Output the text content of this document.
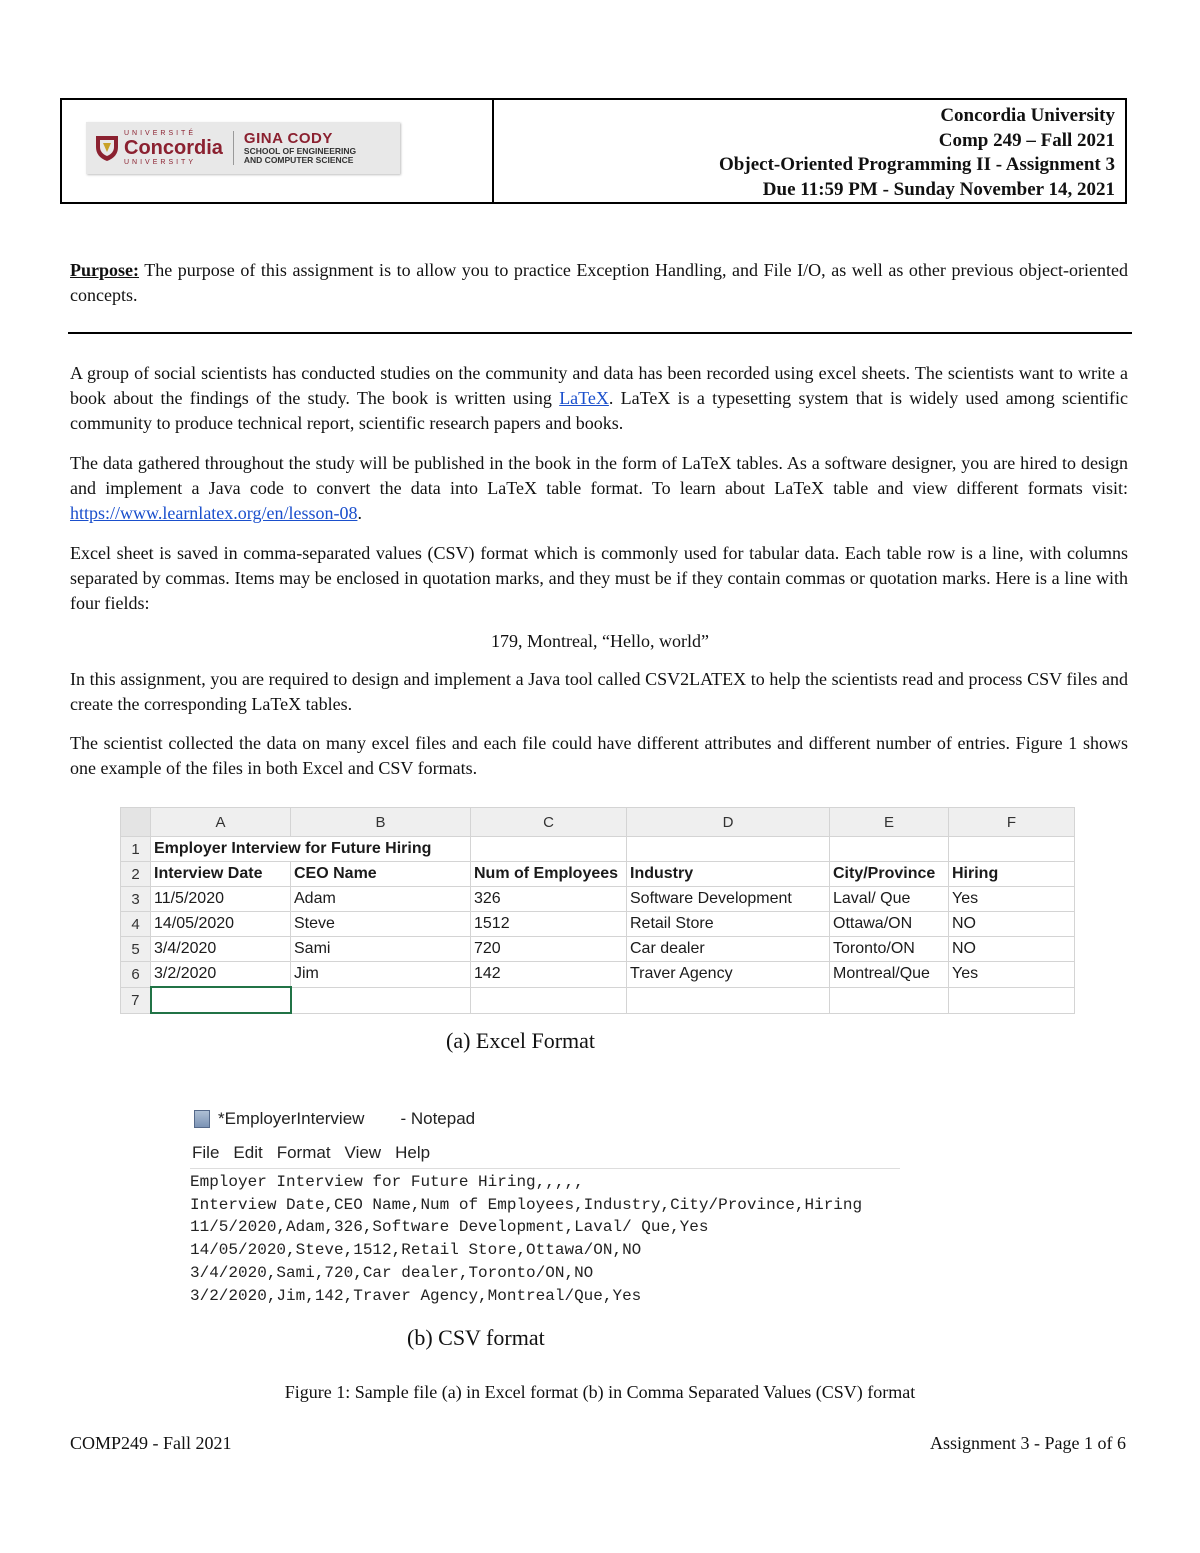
UNIVERSITÉ
Concordia
UNIVERSITY
GINA CODY
SCHOOL OF ENGINEERING
AND COMPUTER SCIENCE
Concordia University
Comp 249 – Fall 2021
Object-Oriented Programming II - Assignment 3
Due 11:59 PM - Sunday November 14, 2021

Purpose: The purpose of this assignment is to allow you to practice Exception Handling, and File I/O, as well as other previous object-oriented concepts.

A group of social scientists has conducted studies on the community and data has been recorded using excel sheets. The scientists want to write a book about the findings of the study. The book is written using LaTeX. LaTeX is a typesetting system that is widely used among scientific community to produce technical report, scientific research papers and books.

The data gathered throughout the study will be published in the book in the form of LaTeX tables. As a software designer, you are hired to design and implement a Java code to convert the data into LaTeX table format. To learn about LaTeX table and view different formats visit: https://www.learnlatex.org/en/lesson-08.

Excel sheet is saved in comma-separated values (CSV) format which is commonly used for tabular data. Each table row is a line, with columns separated by commas. Items may be enclosed in quotation marks, and they must be if they contain commas or quotation marks. Here is a line with four fields:

179, Montreal, “Hello, world”

In this assignment, you are required to design and implement a Java tool called CSV2LATEX to help the scientists read and process CSV files and create the corresponding LaTeX tables.

The scientist collected the data on many excel files and each file could have different attributes and different number of entries. Figure 1 shows one example of the files in both Excel and CSV formats.

	A	B	C	D	E	F
1	Employer Interview for Future Hiring					
2	Interview Date	CEO Name	Num of Employees	Industry	City/Province	Hiring
3	11/5/2020	Adam	326	Software Development	Laval/ Que	Yes
4	14/05/2020	Steve	1512	Retail Store	Ottawa/ON	NO
5	3/4/2020	Sami	720	Car dealer	Toronto/ON	NO
6	3/2/2020	Jim	142	Traver Agency	Montreal/Que	Yes
7						
(a) Excel Format
*EmployerInterview - Notepad
File Edit Format View Help
Employer Interview for Future Hiring,,,,,
Interview Date,CEO Name,Num of Employees,Industry,City/Province,Hiring
11/5/2020,Adam,326,Software Development,Laval/ Que,Yes
14/05/2020,Steve,1512,Retail Store,Ottawa/ON,NO
3/4/2020,Sami,720,Car dealer,Toronto/ON,NO
3/2/2020,Jim,142,Traver Agency,Montreal/Que,Yes
(b) CSV format
Figure 1: Sample file (a) in Excel format (b) in Comma Separated Values (CSV) format
COMP249 - Fall 2021	Assignment 3 - Page 1 of 6
